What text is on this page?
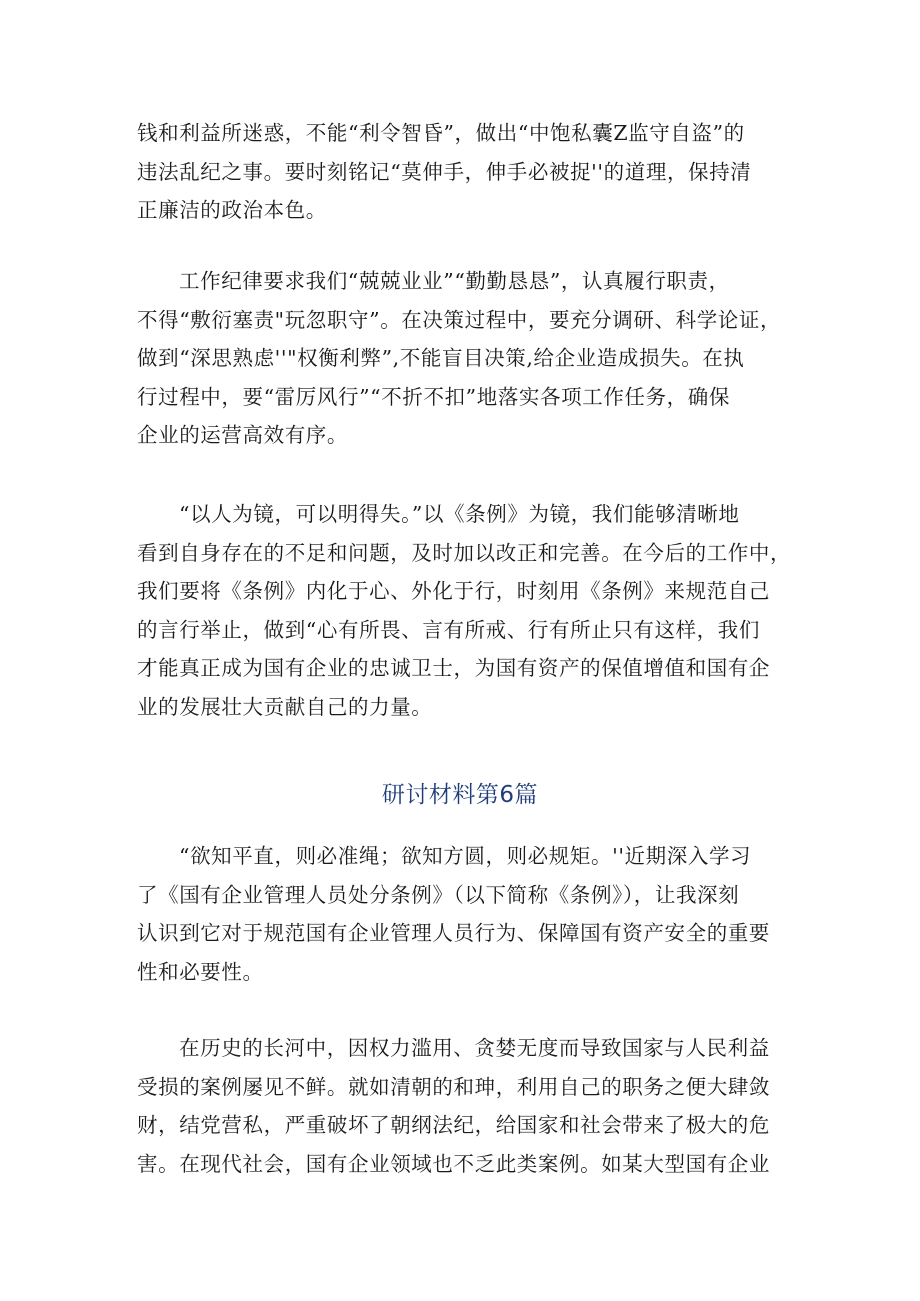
钱和利益所迷惑，不能“利令智昏”，做出“中饱私囊Z监守自盗”的
违法乱纪之事。要时刻铭记“莫伸手，伸手必被捉''的道理，保持清
正廉洁的政治本色。

工作纪律要求我们“兢兢业业”“勤勤恳恳”，认真履行职责，
不得“敷衍塞责"玩忽职守”。在决策过程中，要充分调研、科学论证，
做到“深思熟虑''"权衡利弊”,不能盲目决策,给企业造成损失。在执
行过程中，要“雷厉风行”“不折不扣”地落实各项工作任务，确保
企业的运营高效有序。

“以人为镜，可以明得失。”以《条例》为镜，我们能够清晰地
看到自身存在的不足和问题，及时加以改正和完善。在今后的工作中，
我们要将《条例》内化于心、外化于行，时刻用《条例》来规范自己
的言行举止，做到“心有所畏、言有所戒、行有所止只有这样，我们
才能真正成为国有企业的忠诚卫士，为国有资产的保值增值和国有企
业的发展壮大贡献自己的力量。

研讨材料第6篇

“欲知平直，则必准绳；欲知方圆，则必规矩。''近期深入学习
了《国有企业管理人员处分条例》（以下简称《条例》），让我深刻
认识到它对于规范国有企业管理人员行为、保障国有资产安全的重要
性和必要性。

在历史的长河中，因权力滥用、贪婪无度而导致国家与人民利益
受损的案例屡见不鲜。就如清朝的和珅，利用自己的职务之便大肆敛
财，结党营私，严重破坏了朝纲法纪，给国家和社会带来了极大的危
害。在现代社会，国有企业领域也不乏此类案例。如某大型国有企业
